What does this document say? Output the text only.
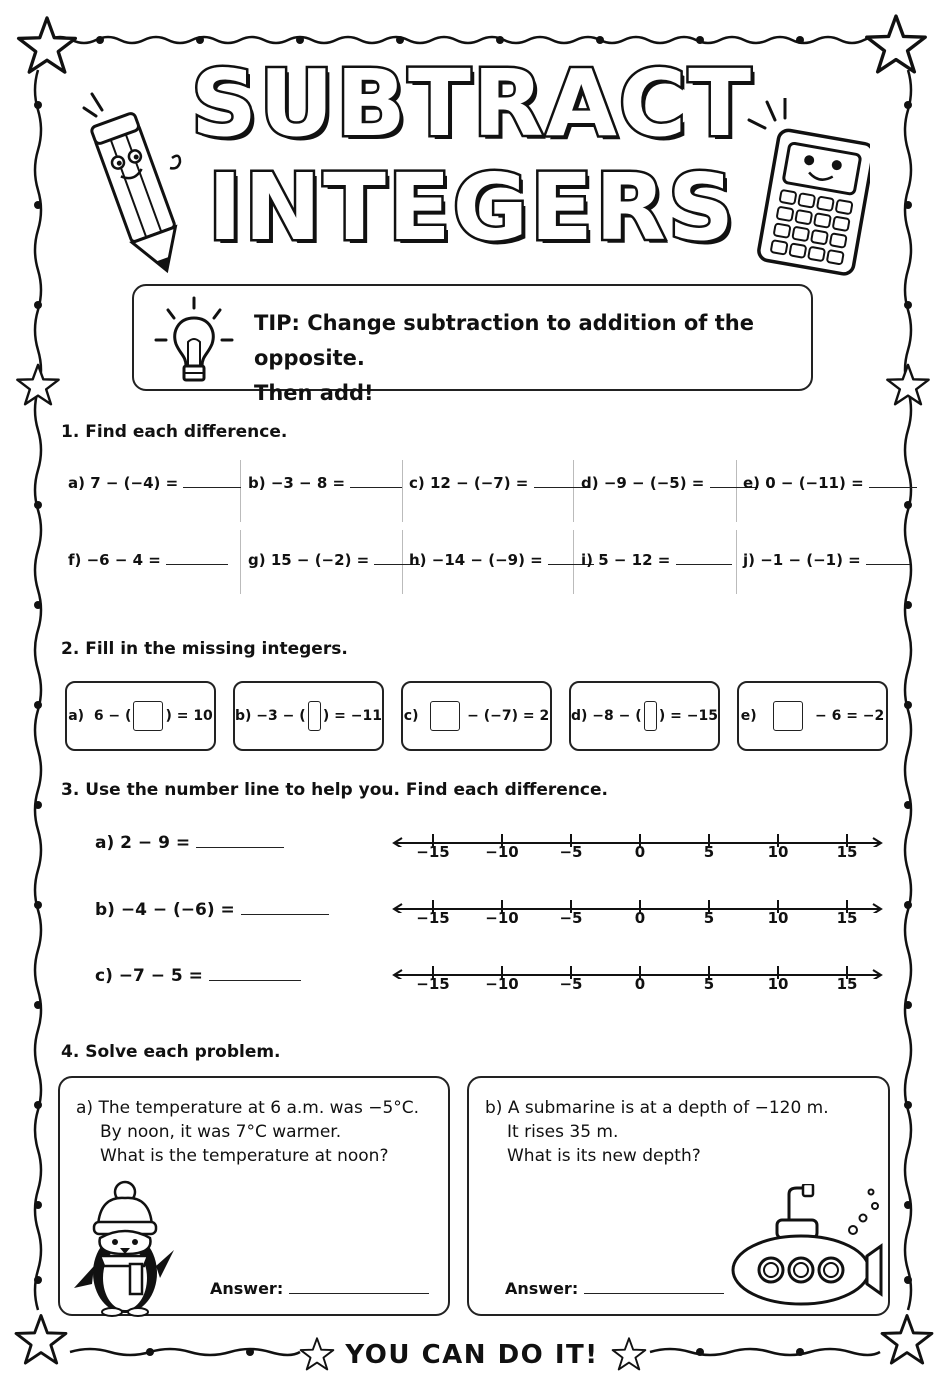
SUBTRACT
INTEGERS
TIP: Change subtraction to addition of the opposite.
Then add!
1. Find each difference.
a) 7 − (−4) =	b) −3 − 8 =	c) 12 − (−7) =	d) −9 − (−5) =	e) 0 − (−11) =
f) −6 − 4 =	g) 15 − (−2) =	h) −14 − (−9) =	i) 5 − 12 =	j) −1 − (−1) =
2. Fill in the missing integers.
a)
6 − ( ) = 10 b)
−3 − ( ) = −11 c)

	− (−7) = 2 d)
−8 − ( ) = −15 e)

	− 6 = −2
3. Use the number line to help you. Find each difference.
a) 2 − 9 =
b) −4 − (−6) =
c) −7 − 5 =
−15 −10	−5	0	5	10	15
−15 −10	−5	0	5	10	15
−15 −10	−5	0	5	10	15
4. Solve each problem.
a) The temperature at 6 a.m. was −5°C.
By noon, it was 7°C warmer.
What is the temperature at noon?
Answer:
b) A submarine is at a depth of −120 m.
It rises 35 m.
What is its new depth?
Answer:
YOU CAN DO IT!
